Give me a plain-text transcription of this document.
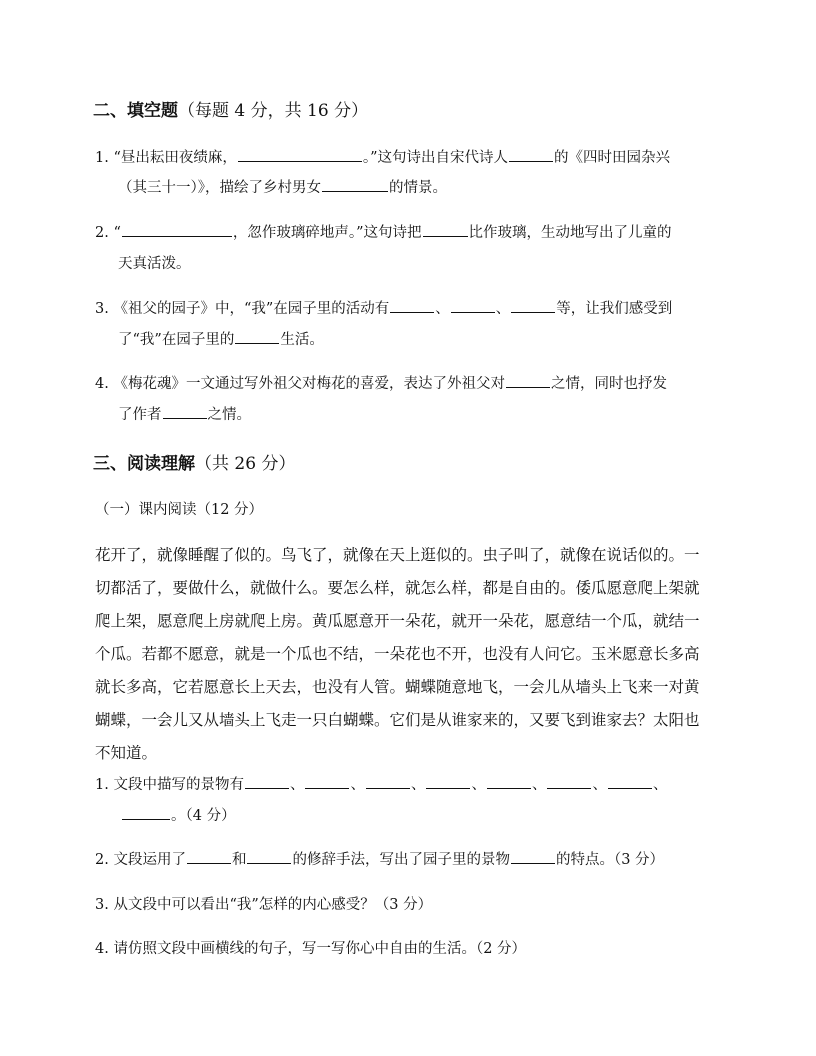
二、填空题（每题 4 分，共 16 分）
1. “昼出耘田夜绩麻，	。”这句诗出自宋代诗人	的《四时田园杂兴
（其三十一）》，描绘了乡村男女	的情景。
2. “	，忽作玻璃碎地声。”这句诗把	比作玻璃，生动地写出了儿童的
天真活泼。
3. 《祖父的园子》中，“我”在园子里的活动有	、	、	等，让我们感受到
了“我”在园子里的	生活。
4. 《梅花魂》一文通过写外祖父对梅花的喜爱，表达了外祖父对	之情，同时也抒发
了作者	之情。
三、阅读理解（共 26 分）
（一）课内阅读（12 分）
花开了，就像睡醒了似的。鸟飞了，就像在天上逛似的。虫子叫了，就像在说话似的。一
切都活了，要做什么，就做什么。要怎么样，就怎么样，都是自由的。倭瓜愿意爬上架就
爬上架，愿意爬上房就爬上房。黄瓜愿意开一朵花，就开一朵花，愿意结一个瓜，就结一
个瓜。若都不愿意，就是一个瓜也不结，一朵花也不开，也没有人问它。玉米愿意长多高
就长多高，它若愿意长上天去，也没有人管。蝴蝶随意地飞，一会儿从墙头上飞来一对黄
蝴蝶，一会儿又从墙头上飞走一只白蝴蝶。它们是从谁家来的，又要飞到谁家去？太阳也
不知道。
1. 文段中描写的景物有	、	、	、	、	、	、	、
。（4 分）
2. 文段运用了	和	的修辞手法，写出了园子里的景物	的特点。（3 分）
3. 从文段中可以看出“我”怎样的内心感受？（3 分）
4. 请仿照文段中画横线的句子，写一写你心中自由的生活。（2 分）
